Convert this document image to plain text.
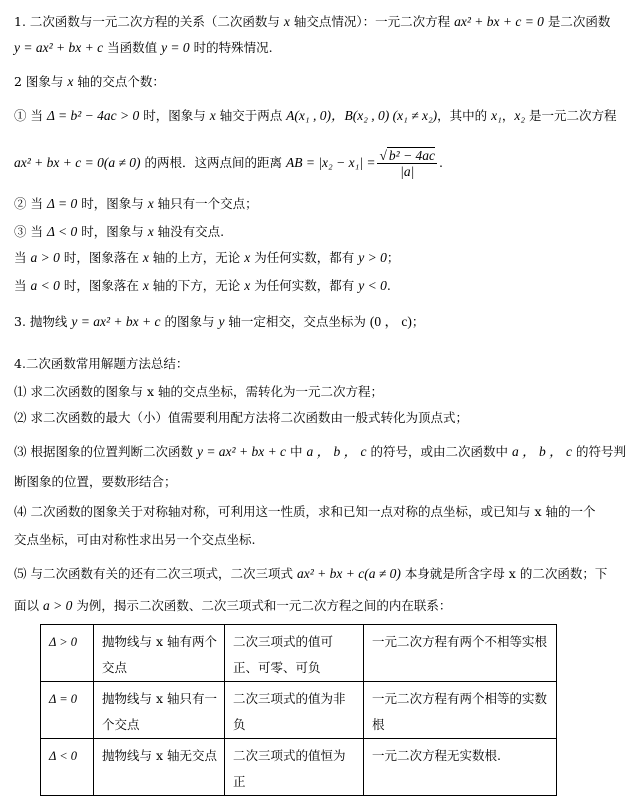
1. 二次函数与一元二次方程的关系（二次函数与 x 轴交点情况）：一元二次方程 ax² + bx + c = 0 是二次函数
y = ax² + bx + c 当函数值 y = 0 时的特殊情况.
2 图象与 x 轴的交点个数：
① 当 Δ = b² − 4ac > 0 时，图象与 x 轴交于两点 A(x₁ , 0)，B(x₂ , 0) (x₁ ≠ x₂)，其中的 x₁，x₂ 是一元二次方程
ax² + bx + c = 0(a ≠ 0) 的两根．这两点间的距离 AB = $|x_2 - x_1| = \frac{\text{√ b² − 4ac}}{|a|}$ .
② 当 Δ = 0 时，图象与 x 轴只有一个交点；
③ 当 Δ < 0 时，图象与 x 轴没有交点.
当 a > 0 时，图象落在 x 轴的上方，无论 x 为任何实数，都有 y > 0；
当 a < 0 时，图象落在 x 轴的下方，无论 x 为任何实数，都有 y < 0.
3. 抛物线 y = ax² + bx + c 的图象与 y 轴一定相交，交点坐标为 (0 ， c)；
4.二次函数常用解题方法总结：
⑴ 求二次函数的图象与 x 轴的交点坐标，需转化为一元二次方程；
⑵ 求二次函数的最大（小）值需要利用配方法将二次函数由一般式转化为顶点式；
⑶ 根据图象的位置判断二次函数 y = ax² + bx + c 中 a ， b ， c 的符号，或由二次函数中 a ， b ， c 的符号判
断图象的位置，要数形结合；
⑷ 二次函数的图象关于对称轴对称，可利用这一性质，求和已知一点对称的点坐标，或已知与 x 轴的一个
交点坐标，可由对称性求出另一个交点坐标.
⑸ 与二次函数有关的还有二次三项式，二次三项式 ax² + bx + c(a ≠ 0) 本身就是所含字母 x 的二次函数；下
面以 a > 0 为例，揭示二次函数、二次三项式和一元二次方程之间的内在联系：
Δ > 0	抛物线与 x 轴有两个交点	二次三项式的值可正、可零、可负	一元二次方程有两个不相等实根
Δ = 0	抛物线与 x 轴只有一个交点	二次三项式的值为非负	一元二次方程有两个相等的实数根
Δ < 0	抛物线与 x 轴无交点	二次三项式的值恒为正	一元二次方程无实数根.
